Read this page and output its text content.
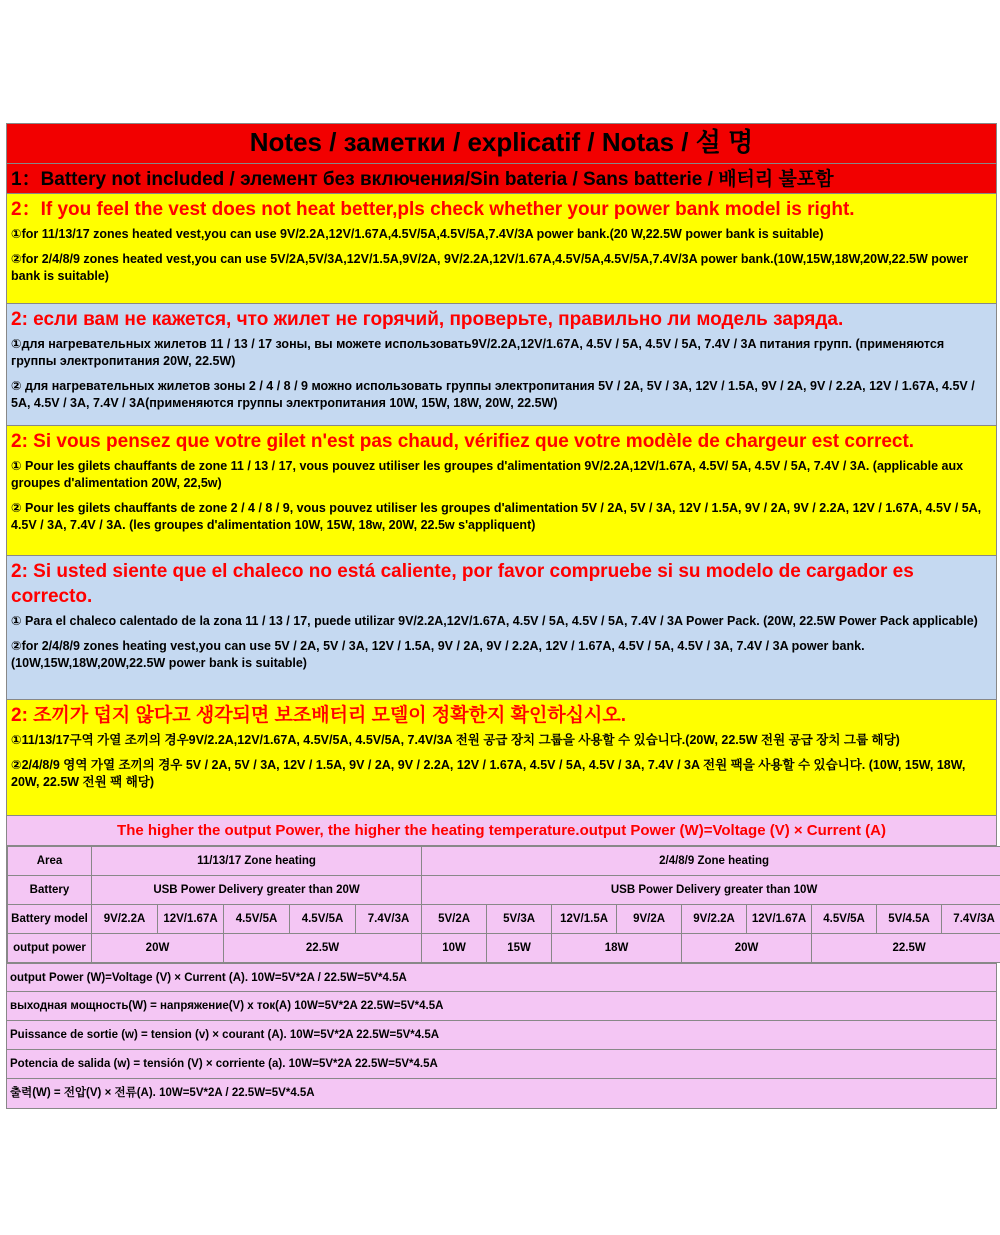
Notes / заметки / explicatif / Notas / 설 명
1：Battery not included / элемент без включения/Sin bateria / Sans batterie / 배터리 불포함
2：If you feel the vest does not heat better,pls check whether your power bank model is right.
①for 11/13/17 zones heated vest,you can use 9V/2.2A,12V/1.67A,4.5V/5A,4.5V/5A,7.4V/3A power bank.(20 W,22.5W power bank is suitable)
②for 2/4/8/9 zones heated vest,you can use 5V/2A,5V/3A,12V/1.5A,9V/2A, 9V/2.2A,12V/1.67A,4.5V/5A,4.5V/5A,7.4V/3A power bank.(10W,15W,18W,20W,22.5W power bank is suitable)
2: если вам не кажется, что жилет не горячий, проверьте, правильно ли модель заряда.
①для нагревательных жилетов 11 / 13 / 17 зоны, вы можете использовать9V/2.2A,12V/1.67A, 4.5V / 5A, 4.5V / 5A, 7.4V / 3A питания групп. (применяются группы электропитания 20W, 22.5W)
② для нагревательных жилетов зоны 2 / 4 / 8 / 9 можно использовать группы электропитания 5V / 2A, 5V / 3A, 12V / 1.5A, 9V / 2A, 9V / 2.2A, 12V / 1.67A, 4.5V / 5A, 4.5V / 3A, 7.4V / 3A(применяются группы электропитания 10W, 15W, 18W, 20W, 22.5W)
2: Si vous pensez que votre gilet n'est pas chaud, vérifiez que votre modèle de chargeur est correct.
① Pour les gilets chauffants de zone 11 / 13 / 17, vous pouvez utiliser les groupes d'alimentation 9V/2.2A,12V/1.67A, 4.5V/ 5A, 4.5V / 5A, 7.4V / 3A. (applicable aux groupes d'alimentation 20W, 22,5w)
② Pour les gilets chauffants de zone 2 / 4 / 8 / 9, vous pouvez utiliser les groupes d'alimentation 5V / 2A, 5V / 3A, 12V / 1.5A, 9V / 2A, 9V / 2.2A, 12V / 1.67A, 4.5V / 5A, 4.5V / 3A, 7.4V / 3A. (les groupes d'alimentation 10W, 15W, 18w, 20W, 22.5w s'appliquent)
2: Si usted siente que el chaleco no está caliente, por favor compruebe si su modelo de cargador es correcto.
① Para el chaleco calentado de la zona 11 / 13 / 17, puede utilizar 9V/2.2A,12V/1.67A, 4.5V / 5A, 4.5V / 5A, 7.4V / 3A Power Pack. (20W, 22.5W Power Pack applicable)
②for 2/4/8/9 zones heating vest,you can use 5V / 2A, 5V / 3A, 12V / 1.5A, 9V / 2A, 9V / 2.2A, 12V / 1.67A, 4.5V / 5A, 4.5V / 3A, 7.4V / 3A power bank.(10W,15W,18W,20W,22.5W power bank is suitable)
2: 조끼가 덥지 않다고 생각되면 보조배터리 모델이 정확한지 확인하십시오.
①11/13/17구역 가열 조끼의 경우9V/2.2A,12V/1.67A, 4.5V/5A, 4.5V/5A, 7.4V/3A 전원 공급 장치 그룹을 사용할 수 있습니다.(20W, 22.5W 전원 공급 장치 그룹 해당)
②2/4/8/9 영역 가열 조끼의 경우 5V / 2A, 5V / 3A, 12V / 1.5A, 9V / 2A, 9V / 2.2A, 12V / 1.67A, 4.5V / 5A, 4.5V / 3A, 7.4V / 3A 전원 팩을 사용할 수 있습니다. (10W, 15W, 18W, 20W, 22.5W 전원 팩 해당)
The higher the output Power, the higher the heating temperature.output Power (W)=Voltage (V) × Current (A)
Area	11/13/17 Zone heating					2/4/8/9 Zone heating								
Battery	USB Power Delivery greater than 20W					USB Power Delivery greater than 10W								
Battery model	9V/2.2A	12V/1.67A	4.5V/5A	4.5V/5A	7.4V/3A	5V/2A	5V/3A	12V/1.5A	9V/2A	9V/2.2A	12V/1.67A	4.5V/5A	5V/4.5A	7.4V/3A
output power	20W		22.5W			10W	15W	18W		20W		22.5W		
output Power (W)=Voltage (V) × Current (A). 10W=5V*2A / 22.5W=5V*4.5A
выходная мощность(W) = напряжение(V) x ток(A) 10W=5V*2A 22.5W=5V*4.5A
Puissance de sortie (w) = tension (v) × courant (A). 10W=5V*2A 22.5W=5V*4.5A
Potencia de salida (w) = tensión (V) × corriente (a). 10W=5V*2A 22.5W=5V*4.5A
출력(W) = 전압(V) × 전류(A). 10W=5V*2A / 22.5W=5V*4.5A
